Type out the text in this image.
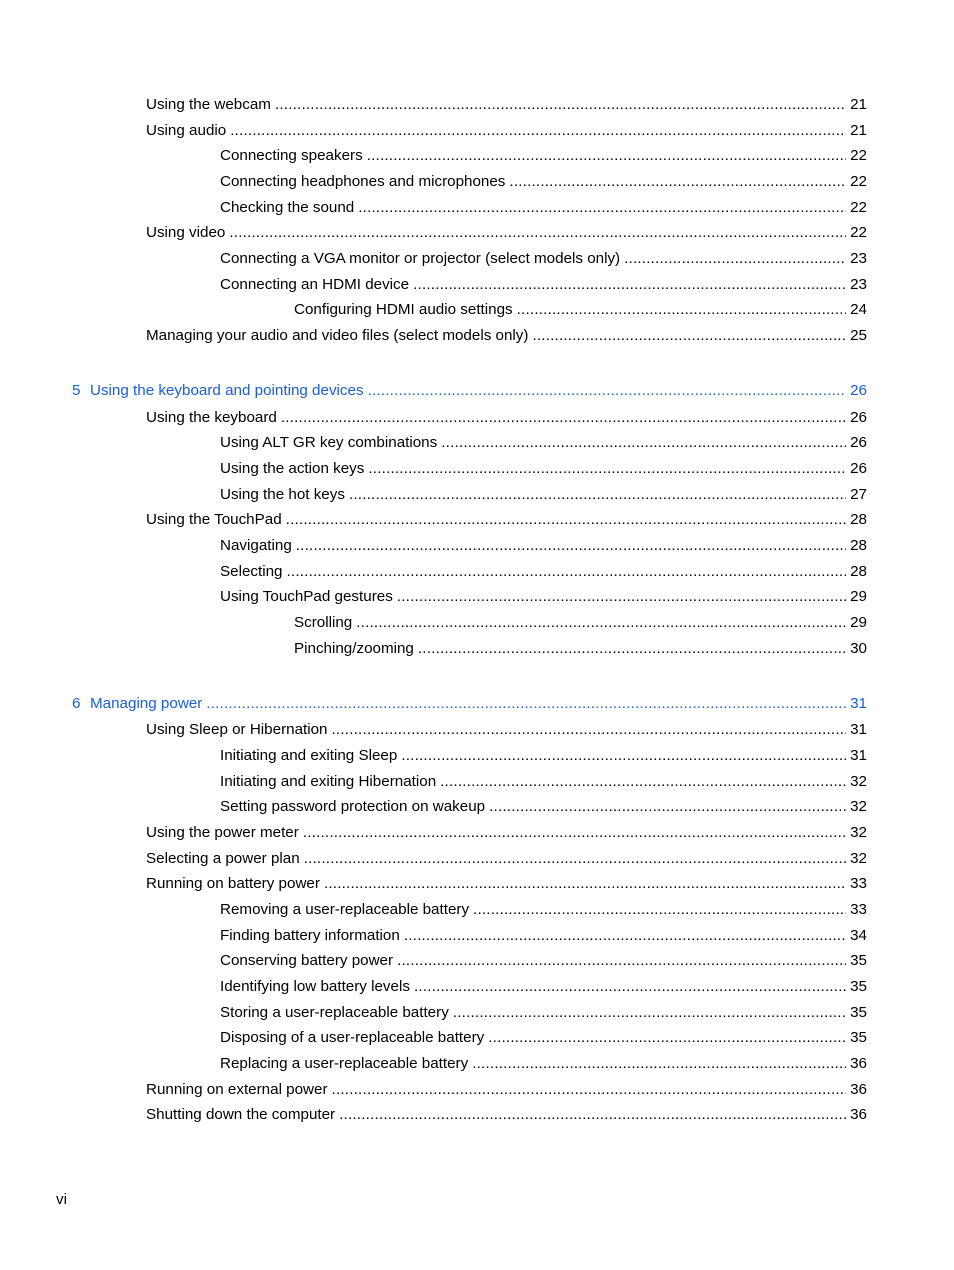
Using the webcam .....	21
Using audio .....	21
Connecting speakers .....	22
Connecting headphones and microphones .....	22
Checking the sound .....	22
Using video .....	22
Connecting a VGA monitor or projector (select models only) .....	23
Connecting an HDMI device .....	23
Configuring HDMI audio settings .....	24
Managing your audio and video files (select models only) .....	25
5 Using the keyboard and pointing devices .....	26
Using the keyboard .....	26
Using ALT GR key combinations .....	26
Using the action keys .....	26
Using the hot keys .....	27
Using the TouchPad .....	28
Navigating .....	28
Selecting .....	28
Using TouchPad gestures .....	29
Scrolling .....	29
Pinching/zooming .....	30
6 Managing power .....	31
Using Sleep or Hibernation .....	31
Initiating and exiting Sleep .....	31
Initiating and exiting Hibernation .....	32
Setting password protection on wakeup .....	32
Using the power meter .....	32
Selecting a power plan .....	32
Running on battery power .....	33
Removing a user-replaceable battery .....	33
Finding battery information .....	34
Conserving battery power .....	35
Identifying low battery levels .....	35
Storing a user-replaceable battery .....	35
Disposing of a user-replaceable battery .....	35
Replacing a user-replaceable battery .....	36
Running on external power .....	36
Shutting down the computer .....	36
vi
